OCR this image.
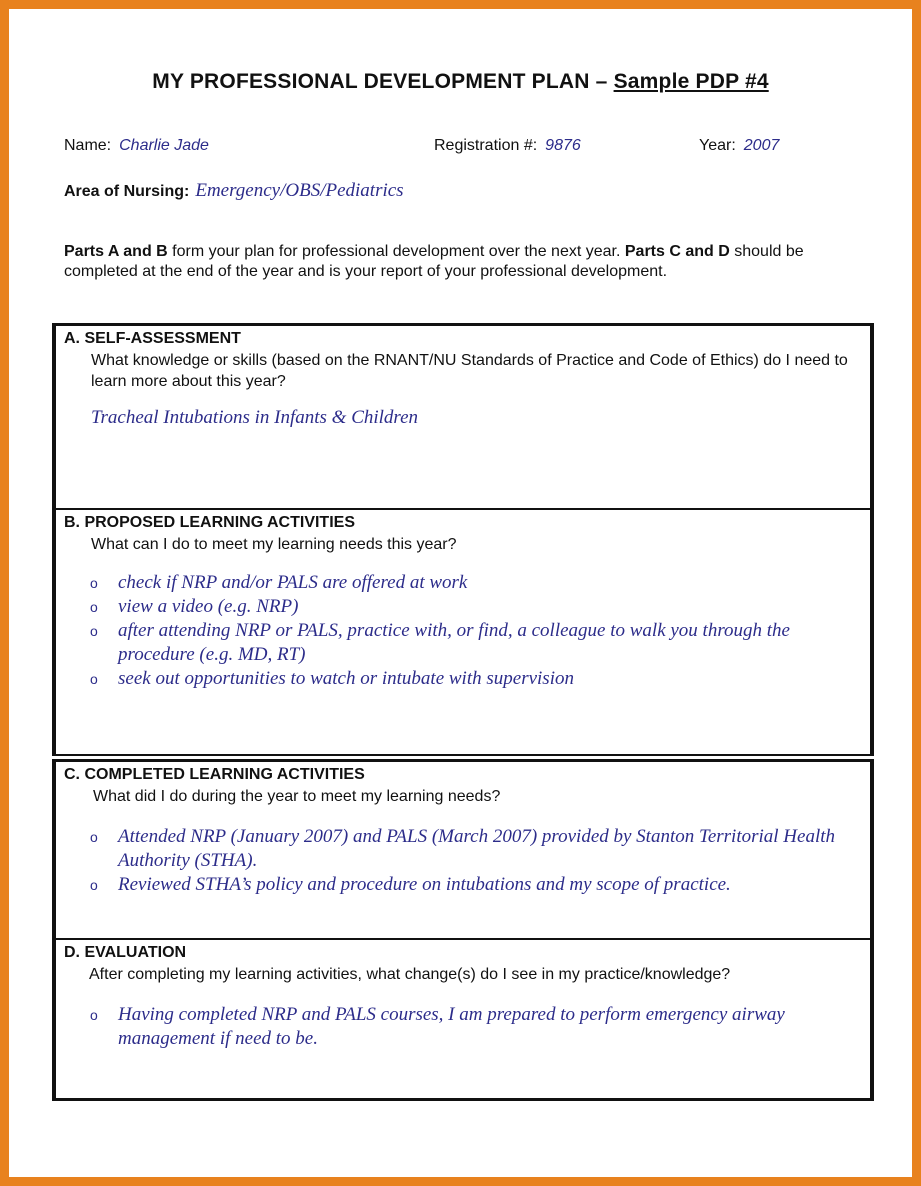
MY PROFESSIONAL DEVELOPMENT PLAN – Sample PDP #4
Name: Charlie Jade	Registration #: 9876	Year: 2007
Area of Nursing: Emergency/OBS/Pediatrics
Parts A and B form your plan for professional development over the next year. Parts C and D should be completed at the end of the year and is your report of your professional development.
A. SELF-ASSESSMENT
What knowledge or skills (based on the RNANT/NU Standards of Practice and Code of Ethics) do I need to learn more about this year?
Tracheal Intubations in Infants & Children
B. PROPOSED LEARNING ACTIVITIES
What can I do to meet my learning needs this year?
o check if NRP and/or PALS are offered at work
o view a video (e.g. NRP)
o after attending NRP or PALS, practice with, or find, a colleague to walk you through the procedure (e.g. MD, RT)
o seek out opportunities to watch or intubate with supervision
C. COMPLETED LEARNING ACTIVITIES
What did I do during the year to meet my learning needs?
o Attended NRP (January 2007) and PALS (March 2007) provided by Stanton Territorial Health Authority (STHA).
o Reviewed STHA’s policy and procedure on intubations and my scope of practice.
D. EVALUATION
After completing my learning activities, what change(s) do I see in my practice/knowledge?
o Having completed NRP and PALS courses, I am prepared to perform emergency airway management if need to be.
